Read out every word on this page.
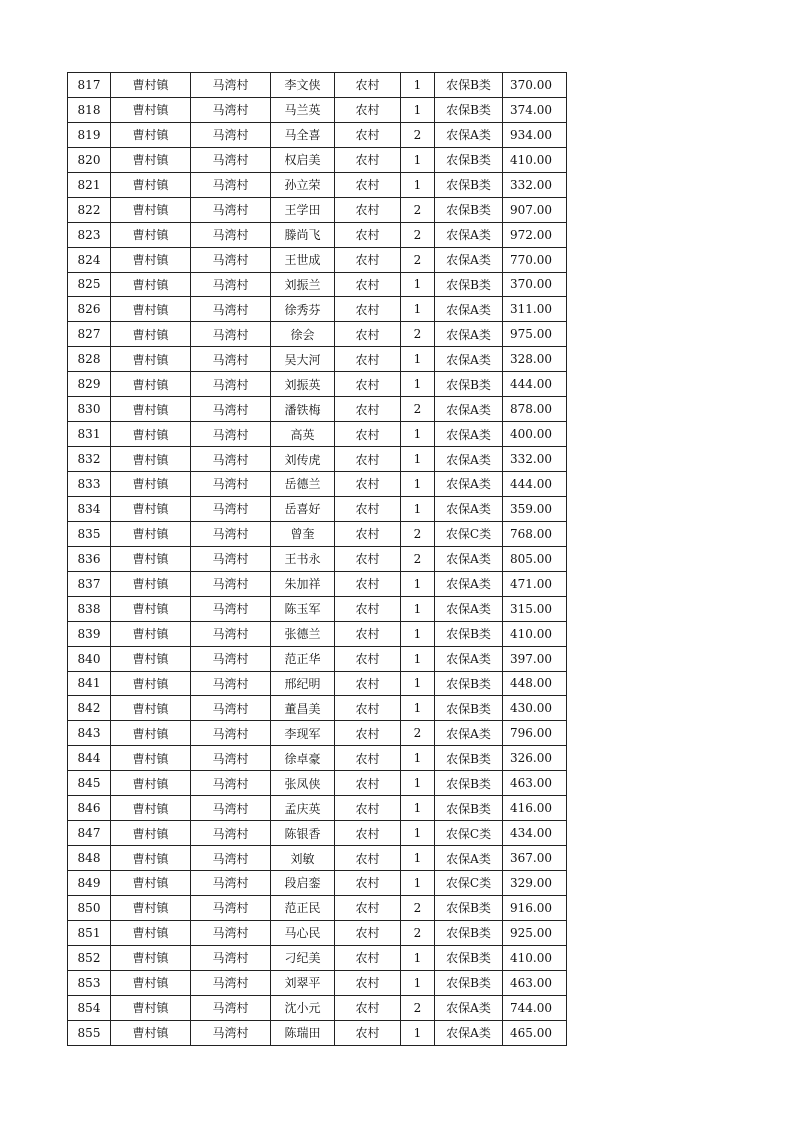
817	曹村镇	马湾村	李文侠	农村	1	农保B类	370.00
818	曹村镇	马湾村	马兰英	农村	1	农保B类	374.00
819	曹村镇	马湾村	马全喜	农村	2	农保A类	934.00
820	曹村镇	马湾村	权启美	农村	1	农保B类	410.00
821	曹村镇	马湾村	孙立荣	农村	1	农保B类	332.00
822	曹村镇	马湾村	王学田	农村	2	农保B类	907.00
823	曹村镇	马湾村	滕尚飞	农村	2	农保A类	972.00
824	曹村镇	马湾村	王世成	农村	2	农保A类	770.00
825	曹村镇	马湾村	刘振兰	农村	1	农保B类	370.00
826	曹村镇	马湾村	徐秀芬	农村	1	农保A类	311.00
827	曹村镇	马湾村	徐会	农村	2	农保A类	975.00
828	曹村镇	马湾村	吴大河	农村	1	农保A类	328.00
829	曹村镇	马湾村	刘振英	农村	1	农保B类	444.00
830	曹村镇	马湾村	潘铁梅	农村	2	农保A类	878.00
831	曹村镇	马湾村	高英	农村	1	农保A类	400.00
832	曹村镇	马湾村	刘传虎	农村	1	农保A类	332.00
833	曹村镇	马湾村	岳德兰	农村	1	农保A类	444.00
834	曹村镇	马湾村	岳喜好	农村	1	农保A类	359.00
835	曹村镇	马湾村	曾奎	农村	2	农保C类	768.00
836	曹村镇	马湾村	王书永	农村	2	农保A类	805.00
837	曹村镇	马湾村	朱加祥	农村	1	农保A类	471.00
838	曹村镇	马湾村	陈玉军	农村	1	农保A类	315.00
839	曹村镇	马湾村	张德兰	农村	1	农保B类	410.00
840	曹村镇	马湾村	范正华	农村	1	农保A类	397.00
841	曹村镇	马湾村	邢纪明	农村	1	农保B类	448.00
842	曹村镇	马湾村	董昌美	农村	1	农保B类	430.00
843	曹村镇	马湾村	李现军	农村	2	农保A类	796.00
844	曹村镇	马湾村	徐卓豪	农村	1	农保B类	326.00
845	曹村镇	马湾村	张凤侠	农村	1	农保B类	463.00
846	曹村镇	马湾村	孟庆英	农村	1	农保B类	416.00
847	曹村镇	马湾村	陈银香	农村	1	农保C类	434.00
848	曹村镇	马湾村	刘敏	农村	1	农保A类	367.00
849	曹村镇	马湾村	段启銮	农村	1	农保C类	329.00
850	曹村镇	马湾村	范正民	农村	2	农保B类	916.00
851	曹村镇	马湾村	马心民	农村	2	农保B类	925.00
852	曹村镇	马湾村	刁纪美	农村	1	农保B类	410.00
853	曹村镇	马湾村	刘翠平	农村	1	农保B类	463.00
854	曹村镇	马湾村	沈小元	农村	2	农保A类	744.00
855	曹村镇	马湾村	陈瑞田	农村	1	农保A类	465.00
